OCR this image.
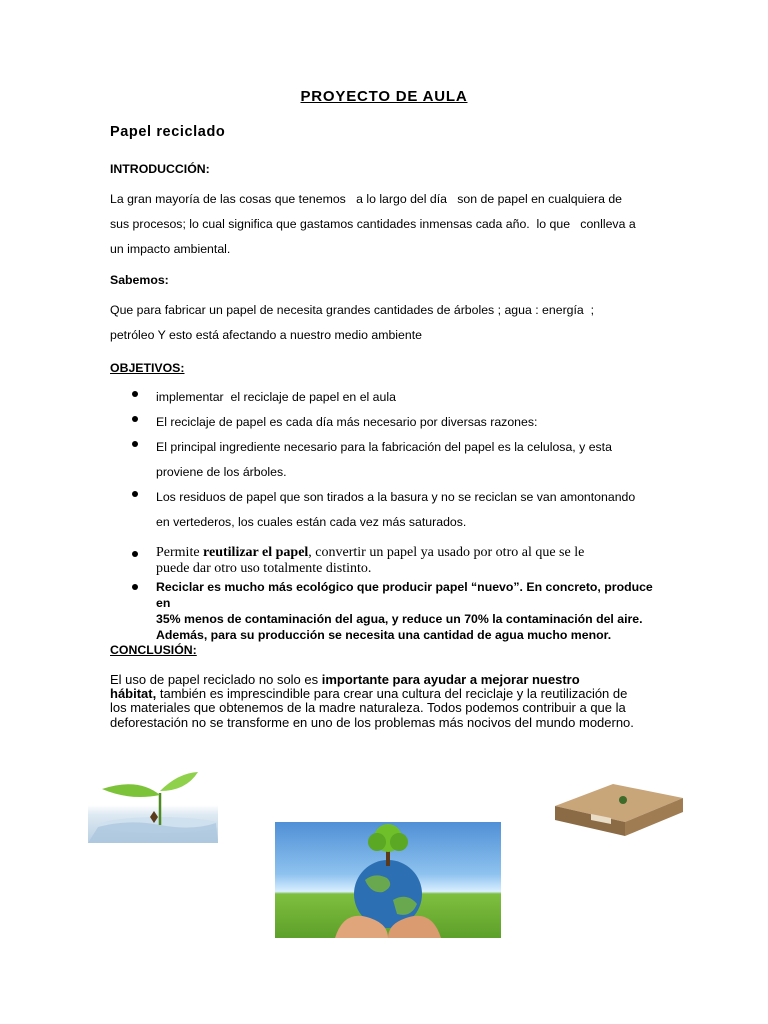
PROYECTO DE AULA
Papel reciclado
INTRODUCCIÓN:
La gran mayoría de las cosas que tenemos   a lo largo del día   son de papel en cualquiera de
sus procesos; lo cual significa que gastamos cantidades inmensas cada año.  lo que   conlleva a
un impacto ambiental.
Sabemos:
Que para fabricar un papel de necesita grandes cantidades de árboles ; agua : energía  ;
petróleo Y esto está afectando a nuestro medio ambiente
OBJETIVOS:
implementar  el reciclaje de papel en el aula
El reciclaje de papel es cada día más necesario por diversas razones:
El principal ingrediente necesario para la fabricación del papel es la celulosa, y esta
proviene de los árboles.
Los residuos de papel que son tirados a la basura y no se reciclan se van amontonando
en vertederos, los cuales están cada vez más saturados.
Permite reutilizar el papel, convertir un papel ya usado por otro al que se le
puede dar otro uso totalmente distinto.
Reciclar es mucho más ecológico que producir papel “nuevo”. En concreto, produce en
35% menos de contaminación del agua, y reduce un 70% la contaminación del aire.
Además, para su producción se necesita una cantidad de agua mucho menor.
CONCLUSIÓN:
El uso de papel reciclado no solo es importante para ayudar a mejorar nuestro
hábitat, también es imprescindible para crear una cultura del reciclaje y la reutilización de
los materiales que obtenemos de la madre naturaleza. Todos podemos contribuir a que la
deforestación no se transforme en uno de los problemas más nocivos del mundo moderno.
